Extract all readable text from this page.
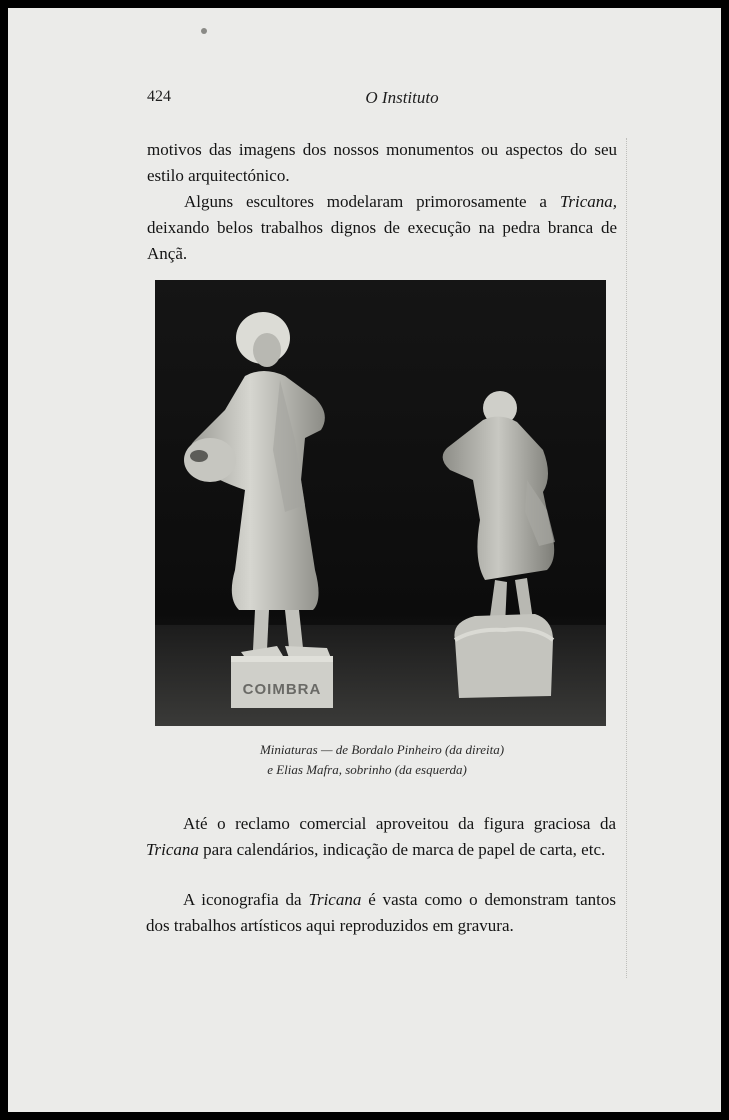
424	O Instituto

motivos das imagens dos nossos monumentos ou aspectos do seu estilo arquitectónico.

Alguns escultores modelaram primorosamente a Tricana, deixando belos trabalhos dignos de execução na pedra branca de Ançã.

COIMBRA
Miniaturas — de Bordalo Pinheiro (da direita)
e Elias Mafra, sobrinho (da esquerda)

Até o reclamo comercial aproveitou da figura graciosa da Tricana para calendários, indicação de marca de papel de carta, etc.

A iconografia da Tricana é vasta como o demonstram tantos dos trabalhos artísticos aqui reproduzidos em gravura.
